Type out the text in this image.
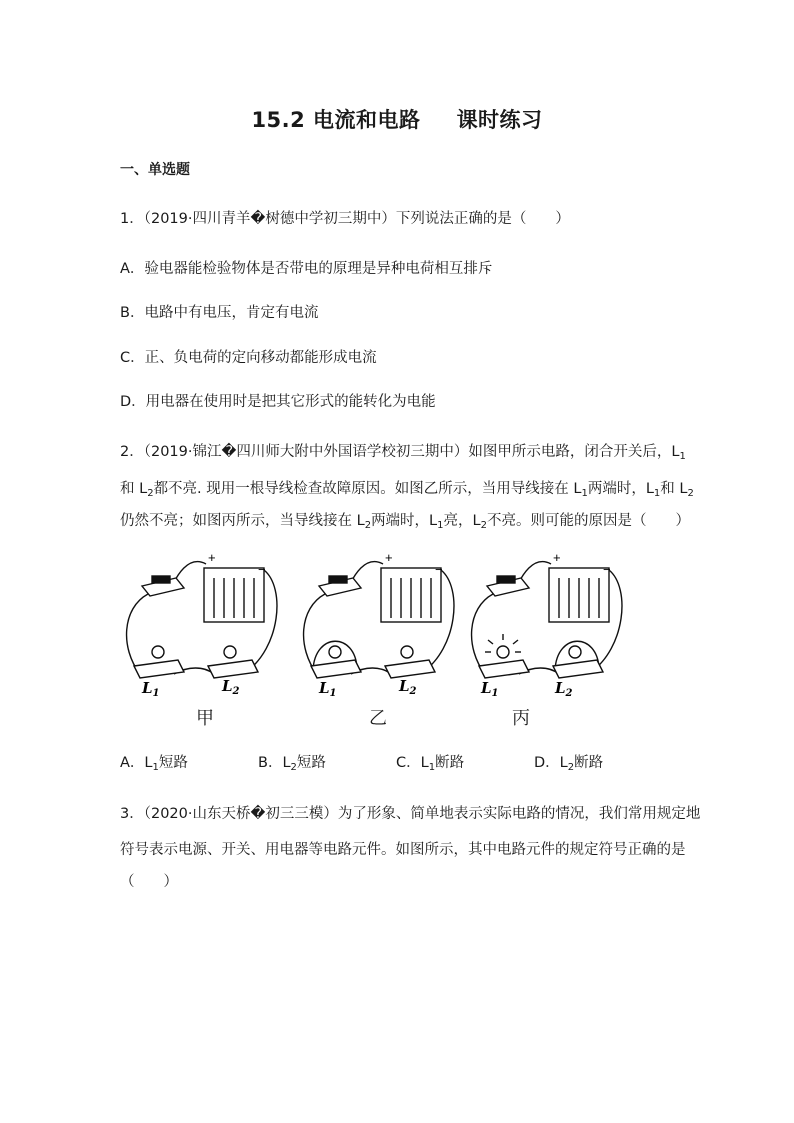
15.2 电流和电路 课时练习
一、单选题
1．（2019·四川青羊�树德中学初三期中）下列说法正确的是（　　）
A．验电器能检验物体是否带电的原理是异种电荷相互排斥
B．电路中有电压，肯定有电流
C．正、负电荷的定向移动都能形成电流
D．用电器在使用时是把其它形式的能转化为电能
2．（2019·锦江�四川师大附中外国语学校初三期中）如图甲所示电路，闭合开关后，$L_1$
和 $L_2$都不亮. 现用一根导线检查故障原因。如图乙所示，当用导线接在 $L_1$两端时，$L_1$和 $L_2$
仍然不亮；如图丙所示，当导线接在 $L_2$两端时，$L_1$亮，$L_2$不亮。则可能的原因是（　　）
+
−
$L_1$	$L_2$
+
−
$L_1$	$L_2$
+
−
$L_1$	$L_2$
甲	乙	丙
A．$L_1$短路	B．$L_2$短路	C．$L_1$断路	D．$L_2$断路
3．（2020·山东天桥�初三三模）为了形象、简单地表示实际电路的情况，我们常用规定地
符号表示电源、开关、用电器等电路元件。如图所示，其中电路元件的规定符号正确的是
（　　）
